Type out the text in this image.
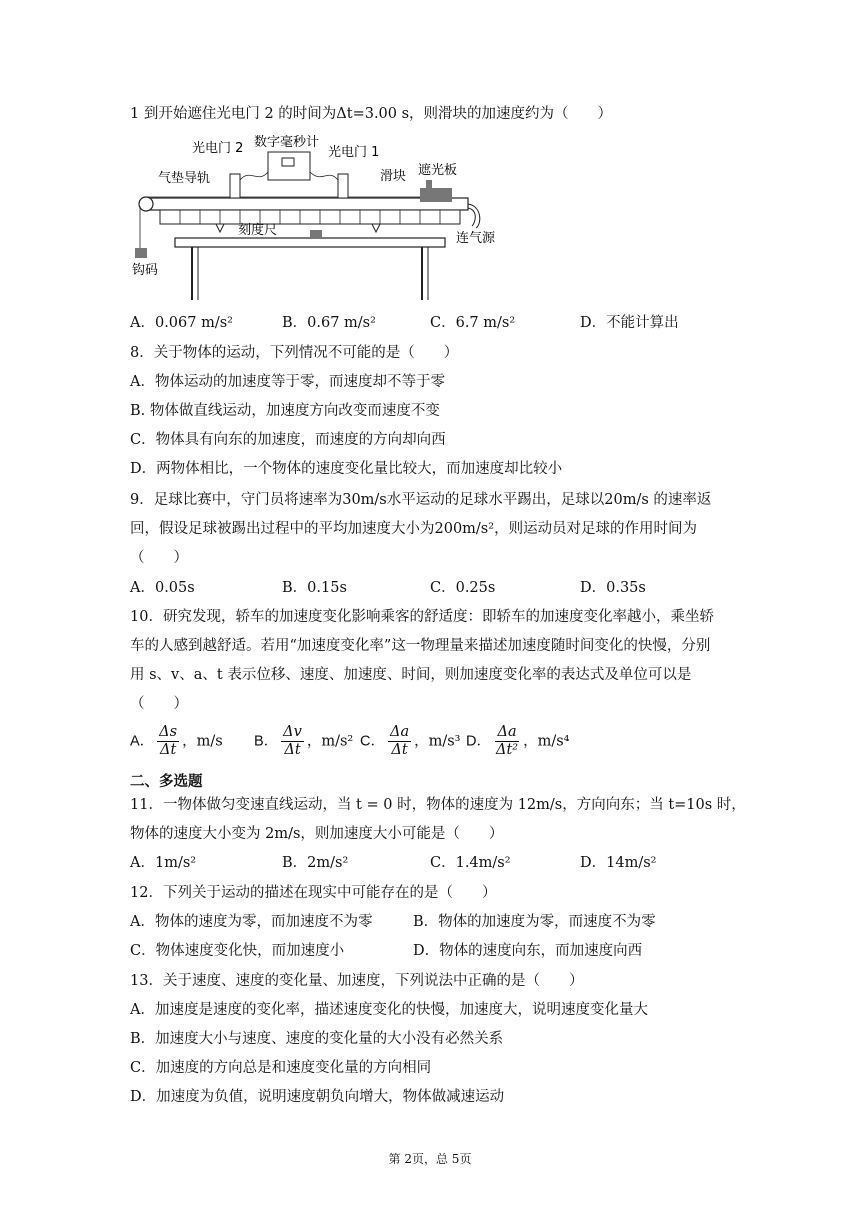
1 到开始遮住光电门 2 的时间为Δt=3.00 s，则滑块的加速度约为（　　）
光电门 2 数字毫秒计
光电门 1
气垫导轨	滑块 遮光板
刻度尺
连气源
钩码
A．0.067 m/s²	B．0.67 m/s²	C．6.7 m/s²	D．不能计算出
8．关于物体的运动，下列情况不可能的是（　　）
A．物体运动的加速度等于零，而速度却不等于零
B. 物体做直线运动，加速度方向改变而速度不变
C．物体具有向东的加速度，而速度的方向却向西
D．两物体相比，一个物体的速度变化量比较大，而加速度却比较小
9．足球比赛中，守门员将速率为30m/s水平运动的足球水平踢出，足球以20m/s 的速率返
回，假设足球被踢出过程中的平均加速度大小为200m/s²，则运动员对足球的作用时间为
（　　）
A．0.05s	B．0.15s	C．0.25s	D．0.35s
10．研究发现，轿车的加速度变化影响乘客的舒适度：即轿车的加速度变化率越小，乘坐轿
车的人感到越舒适。若用“加速度变化率”这一物理量来描述加速度随时间变化的快慢，分别
用 s、v、a、t 表示位移、速度、加速度、时间，则加速度变化率的表达式及单位可以是
（　　）
A． $\frac{\Delta s}{\Delta t}$ ，m/s B． $\frac{\Delta v}{\Delta t}$ ，m/s² C． $\frac{\Delta a}{\Delta t}$ ，m/s³ D． $\frac{\Delta a}{\text{Δt²}}$ ，m/s⁴
二、多选题
11．一物体做匀变速直线运动，当 t = 0 时，物体的速度为 12m/s，方向向东；当 t=10s 时，
物体的速度大小变为 2m/s，则加速度大小可能是（　　）
A．1m/s²	B．2m/s²	C．1.4m/s²	D．14m/s²
12．下列关于运动的描述在现实中可能存在的是（　　）
A．物体的速度为零，而加速度不为零	B．物体的加速度为零，而速度不为零
C．物体速度变化快，而加速度小	D．物体的速度向东，而加速度向西
13．关于速度、速度的变化量、加速度，下列说法中正确的是（　　）
A．加速度是速度的变化率，描述速度变化的快慢，加速度大，说明速度变化量大
B．加速度大小与速度、速度的变化量的大小没有必然关系
C．加速度的方向总是和速度变化量的方向相同
D．加速度为负值，说明速度朝负向增大，物体做减速运动
第 2页，总 5页
